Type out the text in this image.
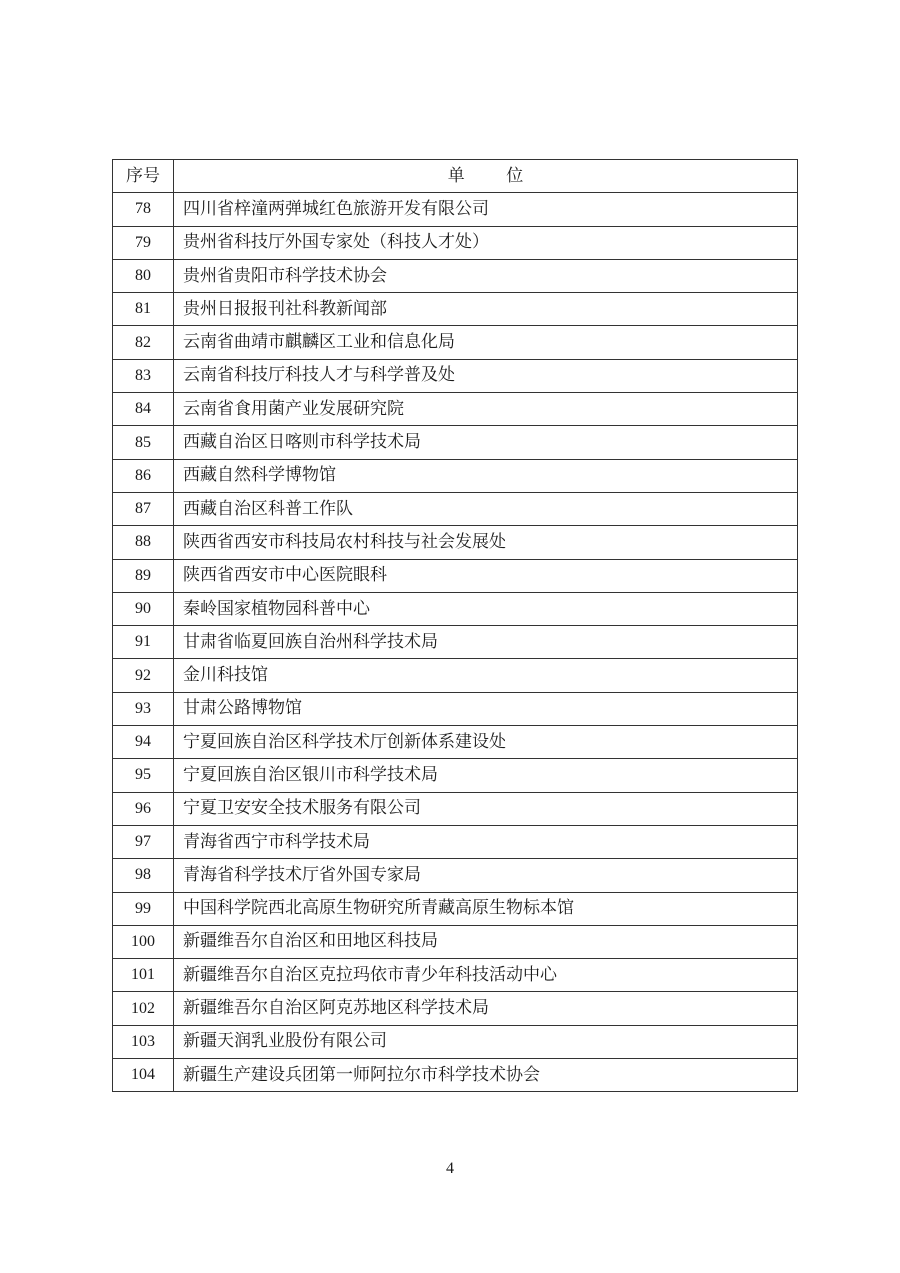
序号	单 位
78	四川省梓潼两弹城红色旅游开发有限公司
79	贵州省科技厅外国专家处（科技人才处）
80	贵州省贵阳市科学技术协会
81	贵州日报报刊社科教新闻部
82	云南省曲靖市麒麟区工业和信息化局
83	云南省科技厅科技人才与科学普及处
84	云南省食用菌产业发展研究院
85	西藏自治区日喀则市科学技术局
86	西藏自然科学博物馆
87	西藏自治区科普工作队
88	陕西省西安市科技局农村科技与社会发展处
89	陕西省西安市中心医院眼科
90	秦岭国家植物园科普中心
91	甘肃省临夏回族自治州科学技术局
92	金川科技馆
93	甘肃公路博物馆
94	宁夏回族自治区科学技术厅创新体系建设处
95	宁夏回族自治区银川市科学技术局
96	宁夏卫安安全技术服务有限公司
97	青海省西宁市科学技术局
98	青海省科学技术厅省外国专家局
99	中国科学院西北高原生物研究所青藏高原生物标本馆
100	新疆维吾尔自治区和田地区科技局
101	新疆维吾尔自治区克拉玛依市青少年科技活动中心
102	新疆维吾尔自治区阿克苏地区科学技术局
103	新疆天润乳业股份有限公司
104	新疆生产建设兵团第一师阿拉尔市科学技术协会
4
